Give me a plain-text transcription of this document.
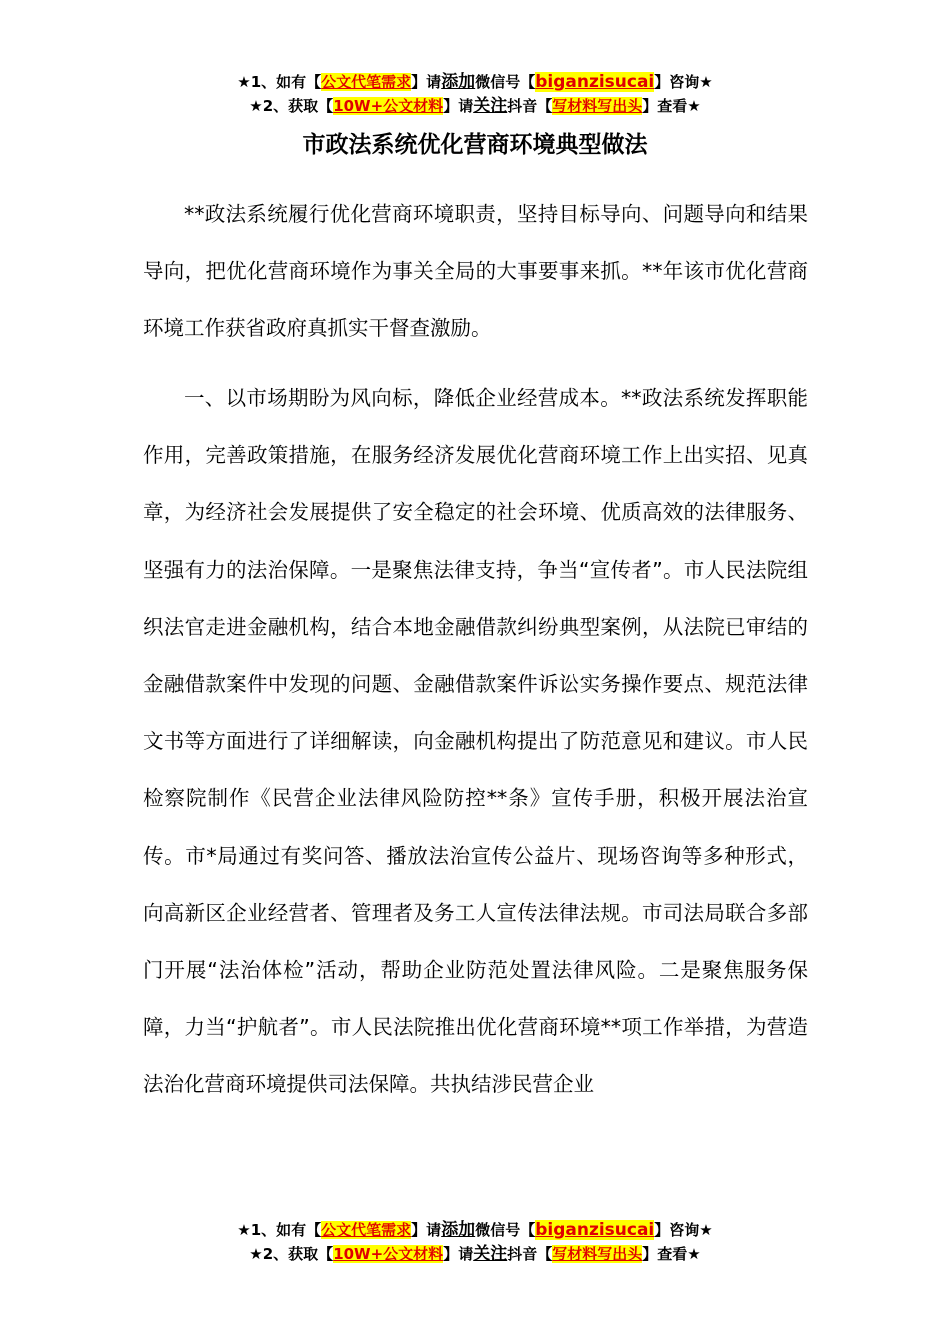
★1、如有【公文代笔需求】请添加微信号【biganzisucai】咨询★
★2、获取【10W+公文材料】请关注抖音【写材料写出头】查看★
市政法系统优化营商环境典型做法

**政法系统履行优化营商环境职责，坚持目标导向、问题导向和结果导向，把优化营商环境作为事关全局的大事要事来抓。**年该市优化营商环境工作获省政府真抓实干督查激励。

一、以市场期盼为风向标，降低企业经营成本。**政法系统发挥职能作用，完善政策措施，在服务经济发展优化营商环境工作上出实招、见真章，为经济社会发展提供了安全稳定的社会环境、优质高效的法律服务、坚强有力的法治保障。一是聚焦法律支持，争当“宣传者”。市人民法院组织法官走进金融机构，结合本地金融借款纠纷典型案例，从法院已审结的金融借款案件中发现的问题、金融借款案件诉讼实务操作要点、规范法律文书等方面进行了详细解读，向金融机构提出了防范意见和建议。市人民检察院制作《民营企业法律风险防控**条》宣传手册，积极开展法治宣传。市*局通过有奖问答、播放法治宣传公益片、现场咨询等多种形式，向高新区企业经营者、管理者及务工人宣传法律法规。市司法局联合多部门开展“法治体检”活动，帮助企业防范处置法律风险。二是聚焦服务保障，力当“护航者”。市人民法院推出优化营商环境**项工作举措，为营造法治化营商环境提供司法保障。共执结涉民营企业

★1、如有【公文代笔需求】请添加微信号【biganzisucai】咨询★
★2、获取【10W+公文材料】请关注抖音【写材料写出头】查看★
